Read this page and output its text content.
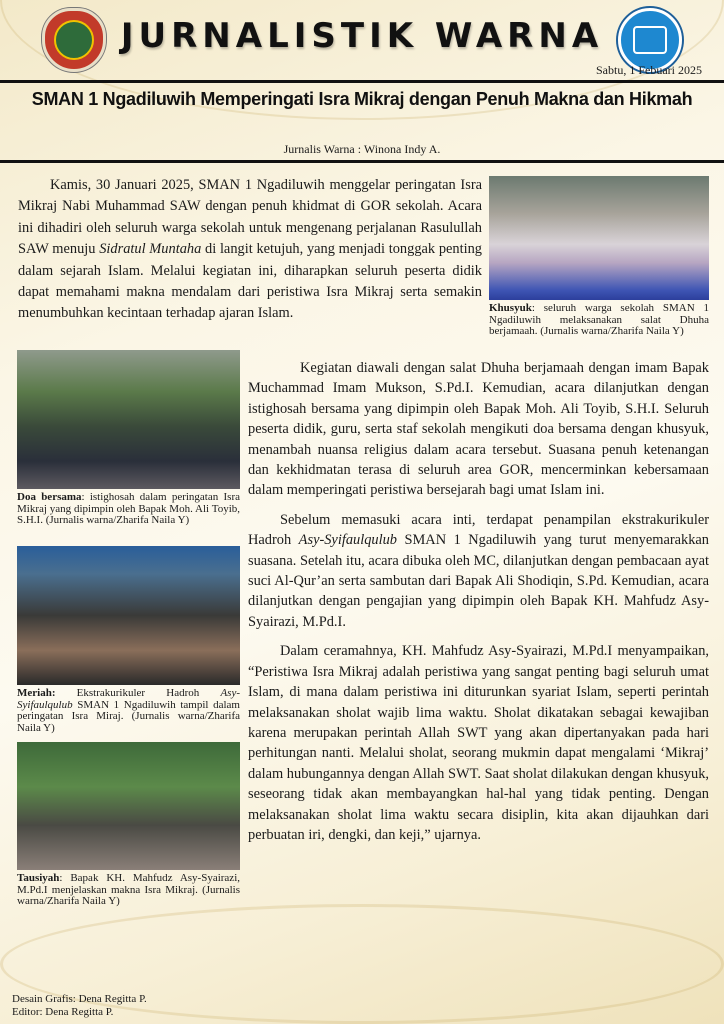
JURNALISTIK WARNA
Sabtu, 1 Febuari 2025
SMAN 1 Ngadiluwih Memperingati Isra Mikraj dengan Penuh Makna dan Hikmah
Jurnalis Warna : Winona Indy A.

Kamis, 30 Januari 2025, SMAN 1 Ngadiluwih menggelar peringatan Isra Mikraj Nabi Muhammad SAW dengan penuh khidmat di GOR sekolah. Acara ini dihadiri oleh seluruh warga sekolah untuk mengenang perjalanan Rasulullah SAW menuju Sidratul Muntaha di langit ketujuh, yang menjadi tonggak penting dalam sejarah Islam. Melalui kegiatan ini, diharapkan seluruh peserta didik dapat memahami makna mendalam dari peristiwa Isra Mikraj serta semakin menumbuhkan kecintaan terhadap ajaran Islam.	Khusyuk: seluruh warga sekolah SMAN 1 Ngadiluwih melaksanakan salat Dhuha berjamaah. (Jurnalis warna/Zharifa Naila Y)
Doa bersama: istighosah dalam peringatan Isra Mikraj yang dipimpin oleh Bapak Moh. Ali Toyib, S.H.I. (Jurnalis warna/Zharifa Naila Y)
Meriah: Ekstrakurikuler Hadroh Asy-Syifaulqulub SMAN 1 Ngadiluwih tampil dalam peringatan Isra Miraj. (Jurnalis warna/Zharifa Naila Y)
Tausiyah: Bapak KH. Mahfudz Asy-Syairazi, M.Pd.I menjelaskan makna Isra Mikraj. (Jurnalis warna/Zharifa Naila Y)

Kegiatan diawali dengan salat Dhuha berjamaah dengan imam Bapak Muchammad Imam Mukson, S.Pd.I. Kemudian, acara dilanjutkan dengan istighosah bersama yang dipimpin oleh Bapak Moh. Ali Toyib, S.H.I. Seluruh peserta didik, guru, serta staf sekolah mengikuti doa bersama dengan khusyuk, menambah nuansa religius dalam acara tersebut. Suasana penuh ketenangan dan kekhidmatan terasa di seluruh area GOR, mencerminkan kebersamaan dalam memperingati peristiwa bersejarah bagi umat Islam ini.

Sebelum memasuki acara inti, terdapat penampilan ekstrakurikuler Hadroh Asy-Syifaulqulub SMAN 1 Ngadiluwih yang turut menyemarakkan suasana. Setelah itu, acara dibuka oleh MC, dilanjutkan dengan pembacaan ayat suci Al-Qur’an serta sambutan dari Bapak Ali Shodiqin, S.Pd. Kemudian, acara dilanjutkan dengan pengajian yang dipimpin oleh Bapak KH. Mahfudz Asy-Syairazi, M.Pd.I.

Dalam ceramahnya, KH. Mahfudz Asy-Syairazi, M.Pd.I menyampaikan, “Peristiwa Isra Mikraj adalah peristiwa yang sangat penting bagi seluruh umat Islam, di mana dalam peristiwa ini diturunkan syariat Islam, seperti perintah melaksanakan sholat wajib lima waktu. Sholat dikatakan sebagai kewajiban karena merupakan perintah Allah SWT yang akan dipertanyakan pada hari perhitungan nanti. Melalui sholat, seorang mukmin dapat mengalami ‘Mikraj’ dalam hubungannya dengan Allah SWT. Saat sholat dilakukan dengan khusyuk, seseorang tidak akan membayangkan hal-hal yang tidak penting. Dengan melaksanakan sholat lima waktu secara disiplin, kita akan dijauhkan dari perbuatan iri, dengki, dan keji,” ujarnya.

Desain Grafis: Dena Regitta P.
Editor: Dena Regitta P.
